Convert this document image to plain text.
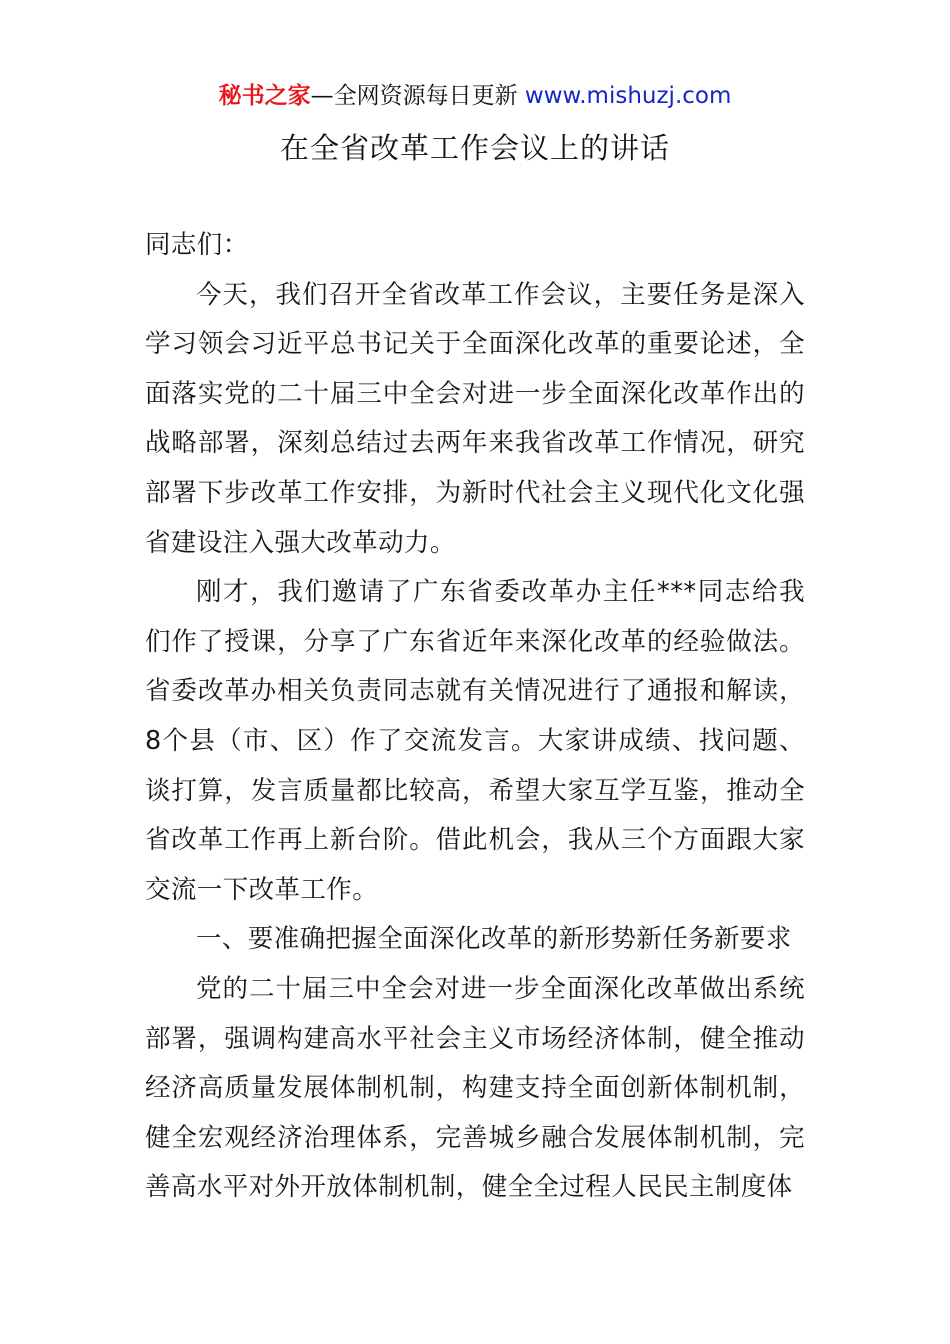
秘书之家—全网资源每日更新 www.mishuzj.com
在全省改革工作会议上的讲话

同志们：

今天，我们召开全省改革工作会议，主要任务是深入学习领会习近平总书记关于全面深化改革的重要论述，全面落实党的二十届三中全会对进一步全面深化改革作出的战略部署，深刻总结过去两年来我省改革工作情况，研究部署下步改革工作安排，为新时代社会主义现代化文化强省建设注入强大改革动力。

刚才，我们邀请了广东省委改革办主任***同志给我们作了授课，分享了广东省近年来深化改革的经验做法。省委改革办相关负责同志就有关情况进行了通报和解读，8个县（市、区）作了交流发言。大家讲成绩、找问题、谈打算，发言质量都比较高，希望大家互学互鉴，推动全省改革工作再上新台阶。借此机会，我从三个方面跟大家交流一下改革工作。

一、要准确把握全面深化改革的新形势新任务新要求

党的二十届三中全会对进一步全面深化改革做出系统部署，强调构建高水平社会主义市场经济体制，健全推动经济高质量发展体制机制，构建支持全面创新体制机制，健全宏观经济治理体系，完善城乡融合发展体制机制，完善高水平对外开放体制机制，健全全过程人民民主制度体
